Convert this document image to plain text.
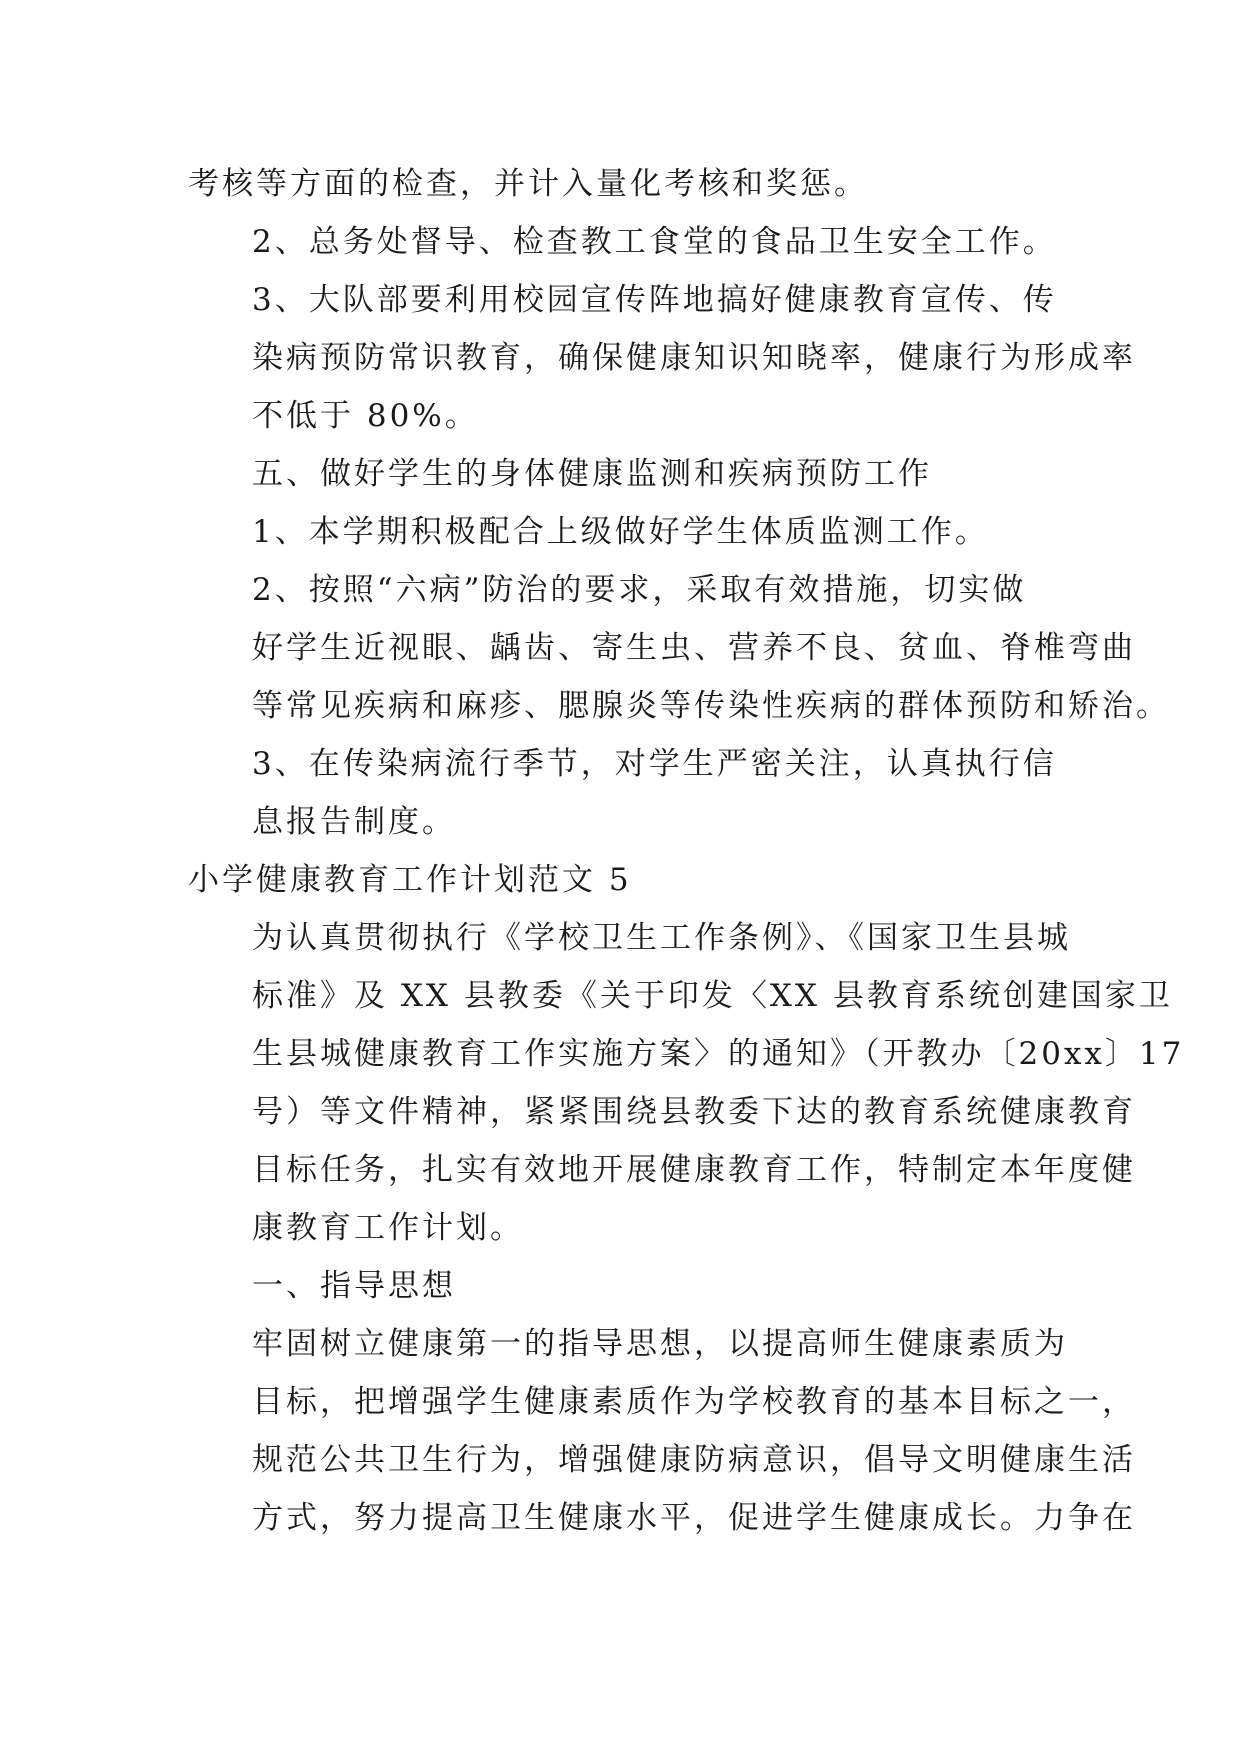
考核等方面的检查，并计入量化考核和奖惩。

2、总务处督导、检查教工食堂的食品卫生安全工作。

3、大队部要利用校园宣传阵地搞好健康教育宣传、传
染病预防常识教育，确保健康知识知晓率，健康行为形成率
不低于 80%。

五、做好学生的身体健康监测和疾病预防工作

1、本学期积极配合上级做好学生体质监测工作。

2、按照“六病”防治的要求，采取有效措施，切实做
好学生近视眼、龋齿、寄生虫、营养不良、贫血、脊椎弯曲
等常见疾病和麻疹、腮腺炎等传染性疾病的群体预防和矫治。

3、在传染病流行季节，对学生严密关注，认真执行信
息报告制度。

小学健康教育工作计划范文 5

为认真贯彻执行《学校卫生工作条例》、《国家卫生县城
标准》及 XX 县教委《关于印发〈XX 县教育系统创建国家卫
生县城健康教育工作实施方案〉的通知》（开教办〔20xx〕17
号）等文件精神，紧紧围绕县教委下达的教育系统健康教育
目标任务，扎实有效地开展健康教育工作，特制定本年度健
康教育工作计划。

一、指导思想

牢固树立健康第一的指导思想，以提高师生健康素质为
目标，把增强学生健康素质作为学校教育的基本目标之一，
规范公共卫生行为，增强健康防病意识，倡导文明健康生活
方式，努力提高卫生健康水平，促进学生健康成长。力争在
